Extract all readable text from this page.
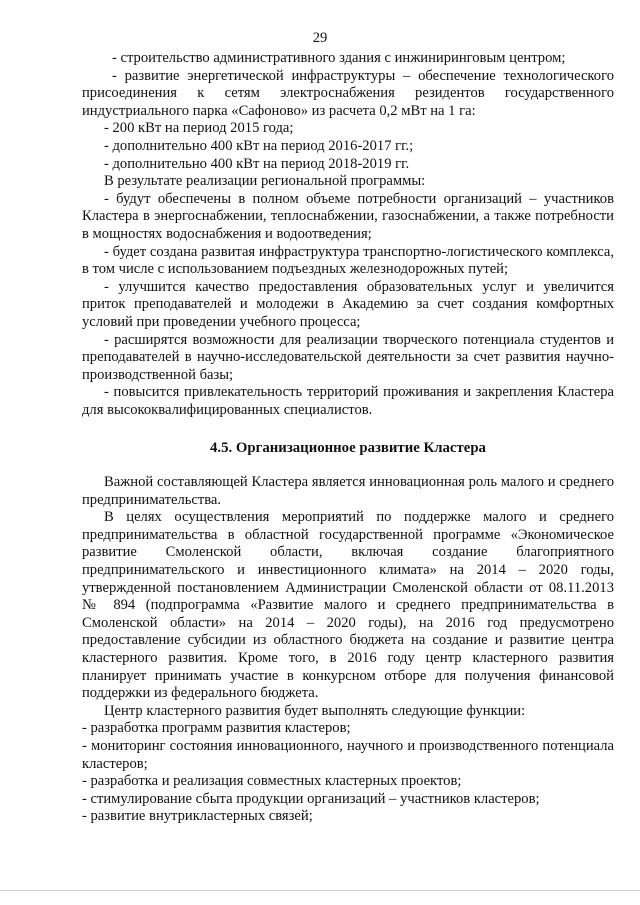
29

- строительство административного здания с инжиниринговым центром;

- развитие энергетической инфраструктуры – обеспечение технологического присоединения к сетям электроснабжения резидентов государственного индустриального парка «Сафоново» из расчета 0,2 мВт на 1 га:

- 200 кВт на период 2015 года;

- дополнительно 400 кВт на период 2016-2017 гг.;

- дополнительно 400 кВт на период 2018-2019 гг.

В результате реализации региональной программы:

- будут обеспечены в полном объеме потребности организаций – участников Кластера в энергоснабжении, теплоснабжении, газоснабжении, а также потребности в мощностях водоснабжения и водоотведения;

- будет создана развитая инфраструктура транспортно-логистического комплекса, в том числе с использованием подъездных железнодорожных путей;

- улучшится качество предоставления образовательных услуг и увеличится приток преподавателей и молодежи в Академию за счет создания комфортных условий при проведении учебного процесса;

- расширятся возможности для реализации творческого потенциала студентов и преподавателей в научно-исследовательской деятельности за счет развития научно-производственной базы;

- повысится привлекательность территорий проживания и закрепления Кластера для высококвалифицированных специалистов.

4.5. Организационное развитие Кластера

Важной составляющей Кластера является инновационная роль малого и среднего предпринимательства.

В целях осуществления мероприятий по поддержке малого и среднего предпринимательства в областной государственной программе «Экономическое развитие Смоленской области, включая создание благоприятного предпринимательского и инвестиционного климата» на 2014 – 2020 годы, утвержденной постановлением Администрации Смоленской области от 08.11.2013 № 894 (подпрограмма «Развитие малого и среднего предпринимательства в Смоленской области» на 2014 – 2020 годы), на 2016 год предусмотрено предоставление субсидии из областного бюджета на создание и развитие центра кластерного развития. Кроме того, в 2016 году центр кластерного развития планирует принимать участие в конкурсном отборе для получения финансовой поддержки из федерального бюджета.

Центр кластерного развития будет выполнять следующие функции:

- разработка программ развития кластеров;

- мониторинг состояния инновационного, научного и производственного потенциала кластеров;

- разработка и реализация совместных кластерных проектов;

- стимулирование сбыта продукции организаций – участников кластеров;

- развитие внутрикластерных связей;
